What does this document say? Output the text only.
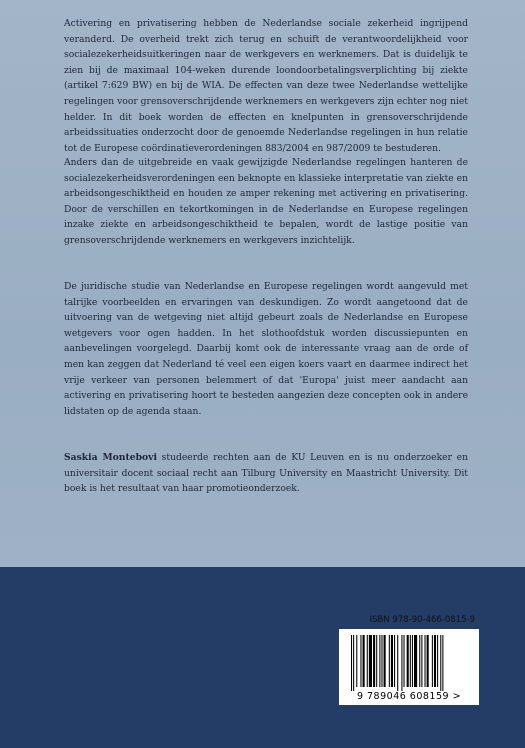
Activering en privatisering hebben de Nederlandse sociale zekerheid ingrijpend veranderd. De overheid trekt zich terug en schuift de verantwoordelijkheid voor socialezekerheidsuitkeringen naar de werkgevers en werknemers. Dat is duidelijk te zien bij de maximaal 104-weken durende loondoorbetalingsverplichting bij ziekte (artikel 7:629 BW) en bij de WIA. De effecten van deze twee Nederlandse wettelijke regelingen voor grensoverschrijdende werknemers en werkgevers zijn echter nog niet helder. In dit boek worden de effecten en knelpunten in grensoverschrijdende arbeidssituaties onderzocht door de genoemde Nederlandse regelingen in hun relatie tot de Europese coördinatieverordeningen 883/2004 en 987/2009 te bestuderen.
Anders dan de uitgebreide en vaak gewijzigde Nederlandse regelingen hanteren de socialezekerheidsverordeningen een beknopte en klassieke interpretatie van ziekte en arbeidsongeschiktheid en houden ze amper rekening met activering en privatisering. Door de verschillen en tekortkomingen in de Nederlandse en Europese regelingen inzake ziekte en arbeidsongeschiktheid te bepalen, wordt de lastige positie van grensoverschrijdende werknemers en werkgevers inzichtelijk.
De juridische studie van Nederlandse en Europese regelingen wordt aangevuld met talrijke voorbeelden en ervaringen van deskundigen. Zo wordt aangetoond dat de uitvoering van de wetgeving niet altijd gebeurt zoals de Nederlandse en Europese wetgevers voor ogen hadden. In het slothoofdstuk worden discussiepunten en aanbevelingen voorgelegd. Daarbij komt ook de interessante vraag aan de orde of men kan zeggen dat Nederland té veel een eigen koers vaart en daarmee indirect het vrije verkeer van personen belemmert of dat 'Europa' juist meer aandacht aan activering en privatisering hoort te besteden aangezien deze concepten ook in andere lidstaten op de agenda staan.
Saskia Montebovi studeerde rechten aan de KU Leuven en is nu onderzoeker en universitair docent sociaal recht aan Tilburg University en Maastricht University. Dit boek is het resultaat van haar promotieonderzoek.
ISBN 978-90-466-0815-9
9 789046 608159 >
